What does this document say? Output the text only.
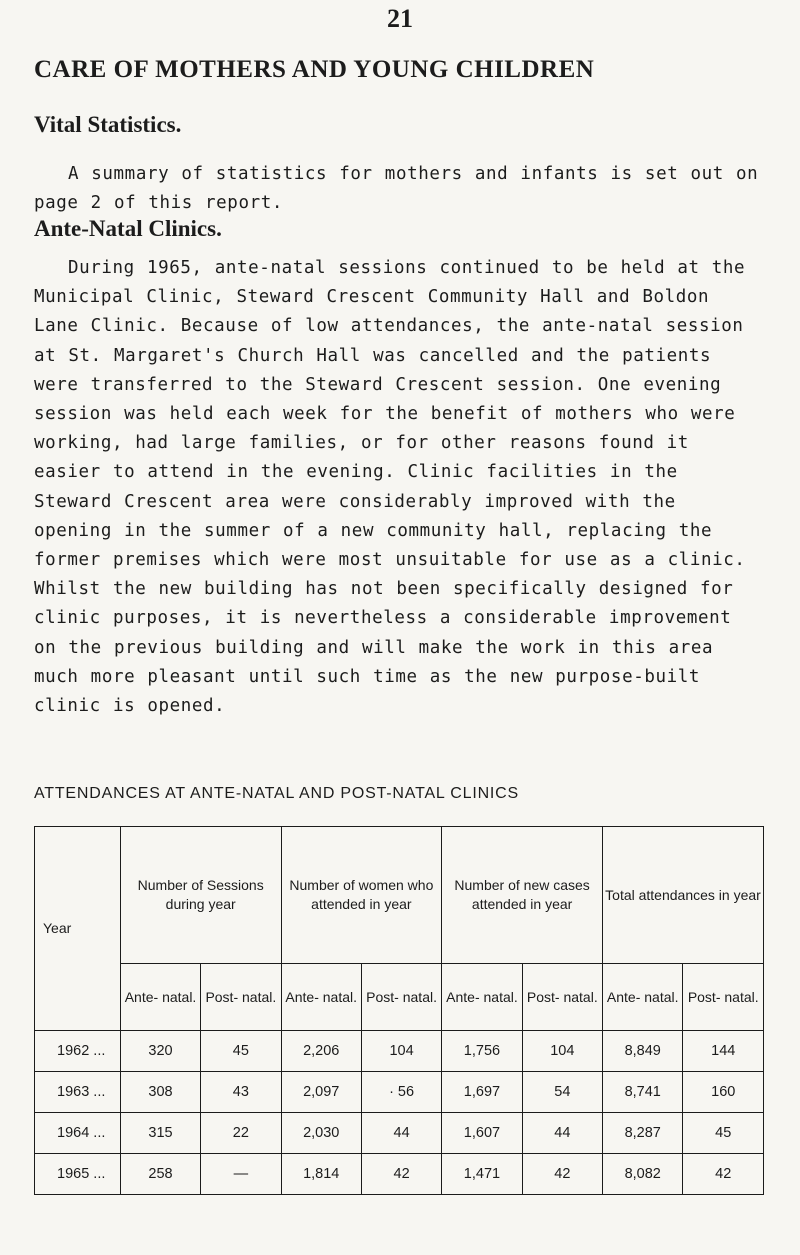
21
CARE OF MOTHERS AND YOUNG CHILDREN
Vital Statistics.

A summary of statistics for mothers and infants is set out on page 2 of this report.

Ante-Natal Clinics.

During 1965, ante-natal sessions continued to be held at the Municipal Clinic, Steward Crescent Community Hall and Boldon Lane Clinic. Because of low attendances, the ante-natal session at St. Margaret's Church Hall was cancelled and the patients were transferred to the Steward Crescent session. One evening session was held each week for the benefit of mothers who were working, had large families, or for other reasons found it easier to attend in the evening. Clinic facilities in the Steward Crescent area were considerably improved with the opening in the summer of a new community hall, replacing the former premises which were most unsuitable for use as a clinic. Whilst the new building has not been specifically designed for clinic purposes, it is nevertheless a considerable improvement on the previous building and will make the work in this area much more pleasant until such time as the new purpose-built clinic is opened.

ATTENDANCES AT ANTE-NATAL AND POST-NATAL CLINICS
Year	Number of Sessions during year		Number of women who attended in year		Number of new cases attended in year		Total attendances in year	
	Ante- natal.	Post- natal.	Ante- natal.	Post- natal.	Ante- natal.	Post- natal.	Ante- natal.	Post- natal.
1962 ...	320	45	2,206	104	1,756	104	8,849	144
1963 ...	308	43	2,097	· 56	1,697	54	8,741	160
1964 ...	315	22	2,030	44	1,607	44	8,287	45
1965 ...	258	—	1,814	42	1,471	42	8,082	42
